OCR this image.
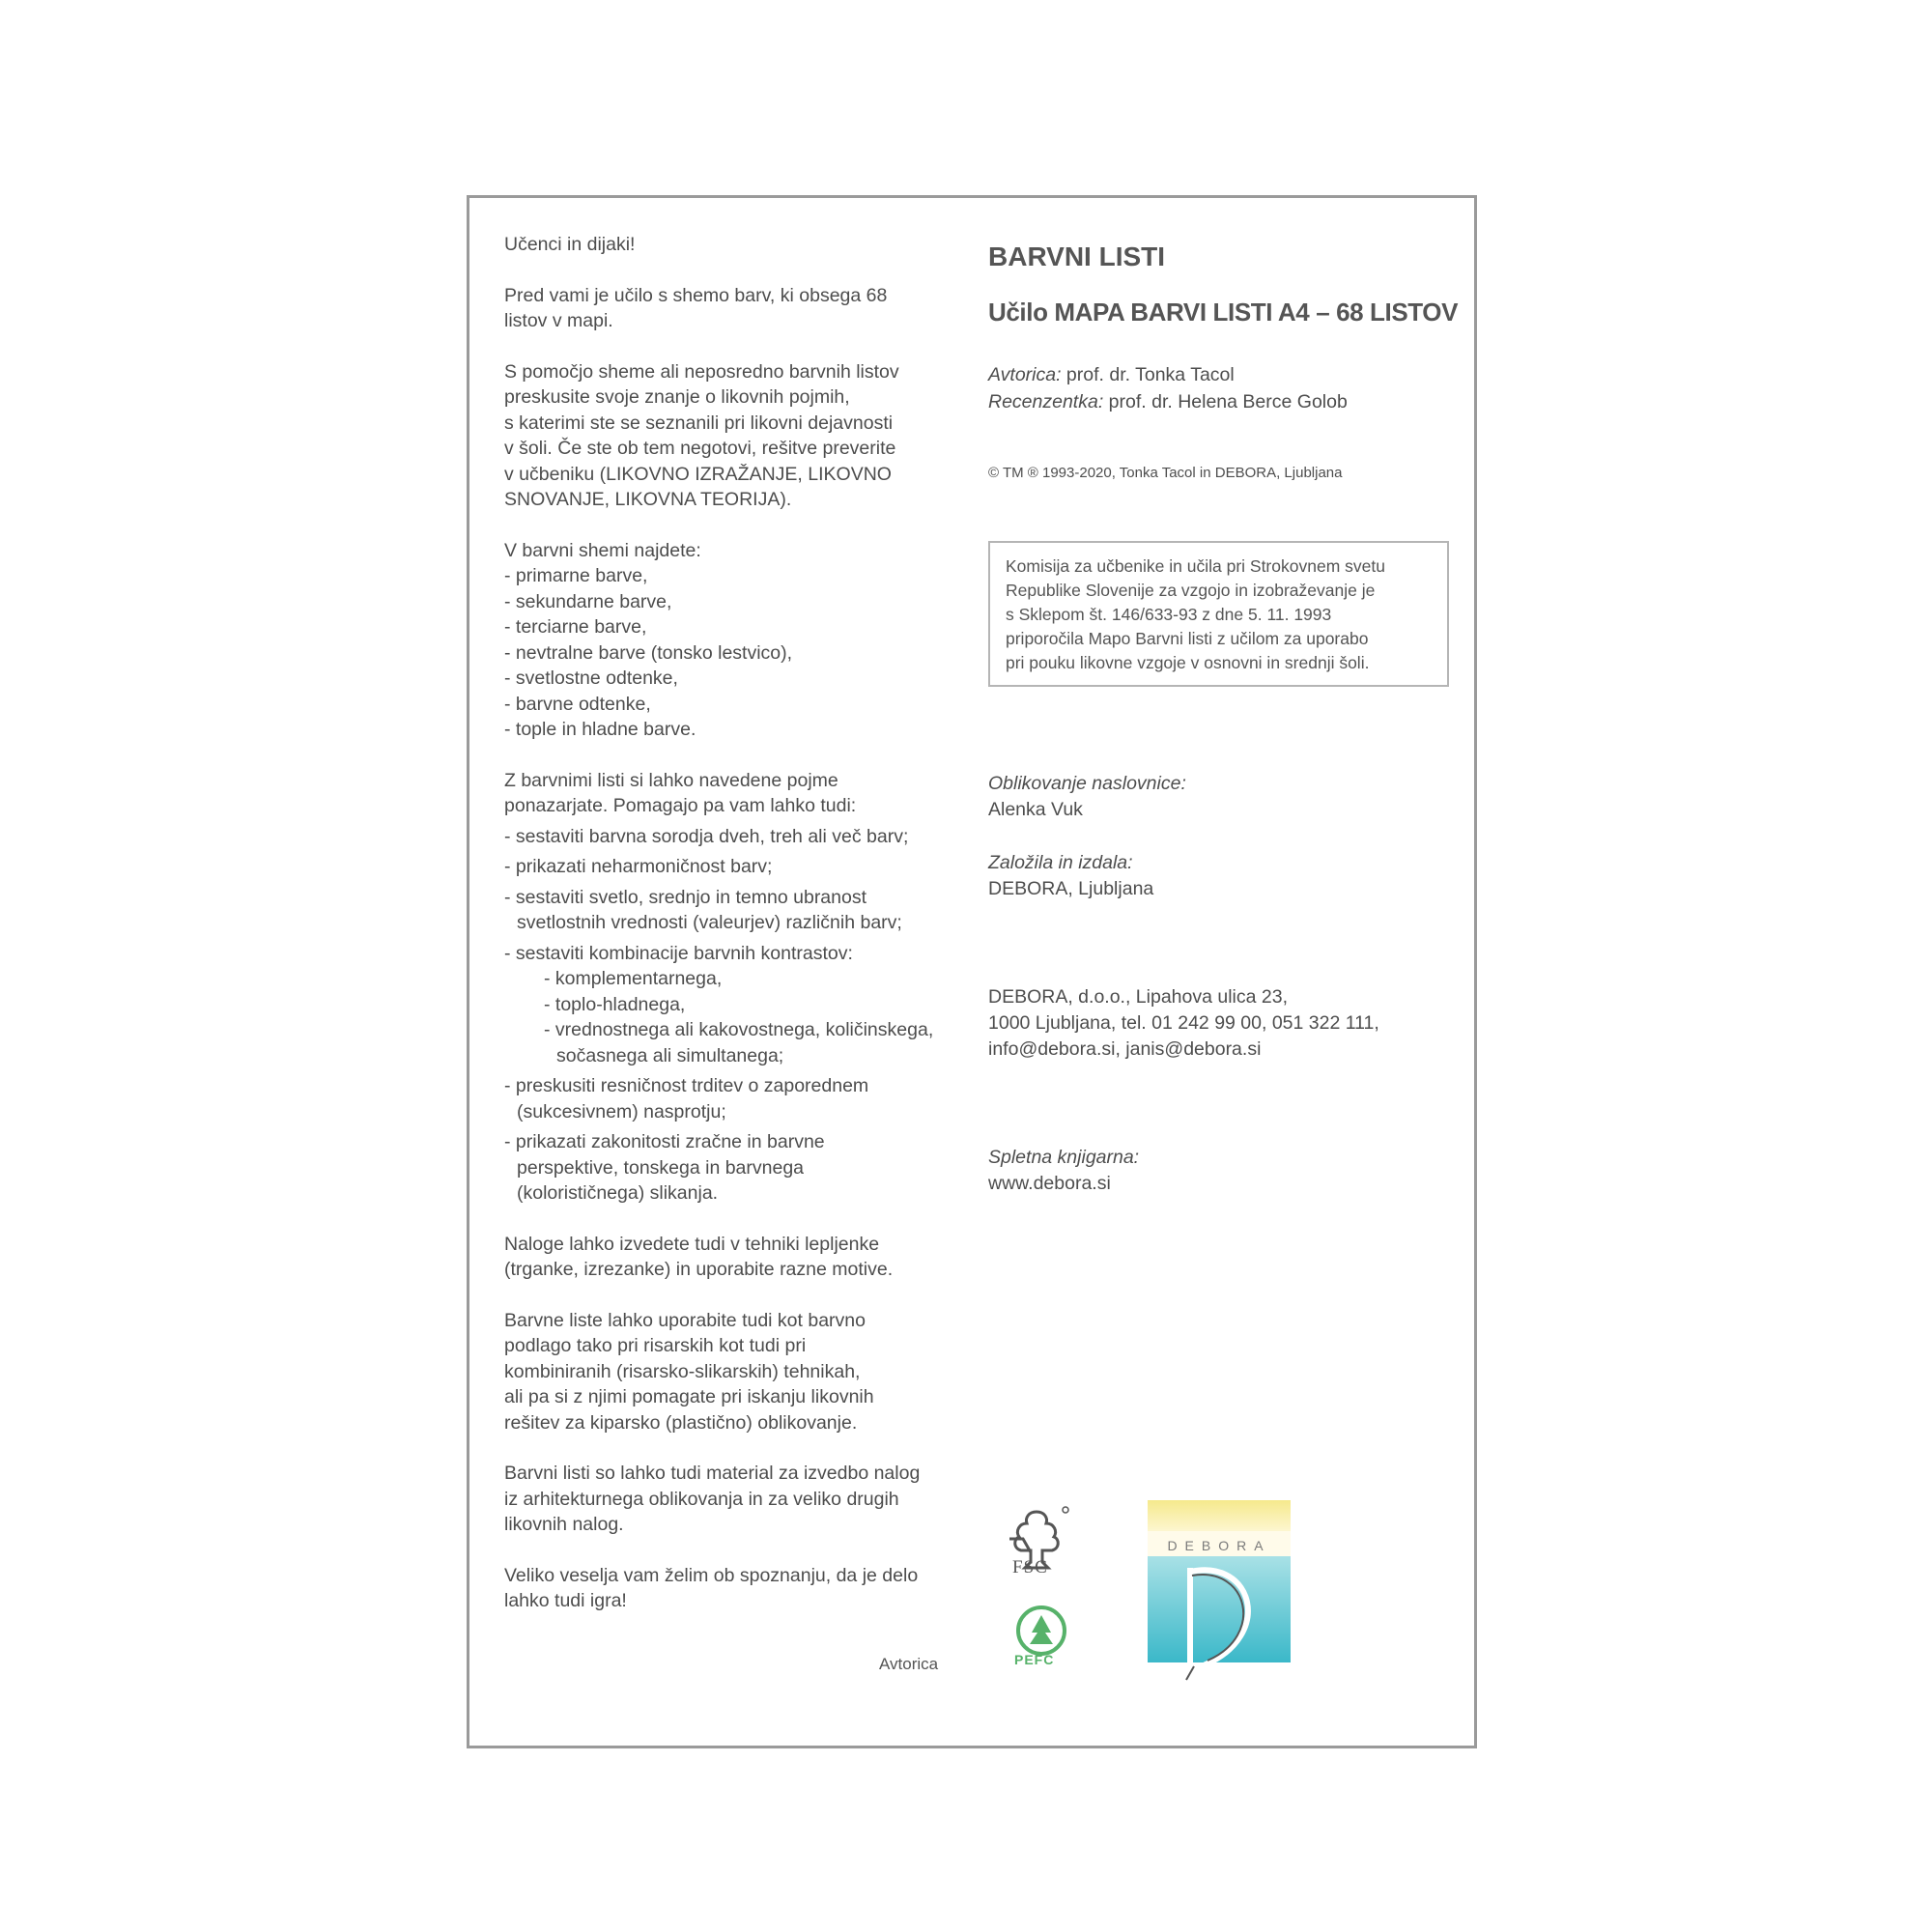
Učenci in dijaki!

Pred vami je učilo s shemo barv, ki obsega 68
listov v mapi.

S pomočjo sheme ali neposredno barvnih listov
preskusite svoje znanje o likovnih pojmih,
s katerimi ste se seznanili pri likovni dejavnosti
v šoli. Če ste ob tem negotovi, rešitve preverite
v učbeniku (LIKOVNO IZRAŽANJE, LIKOVNO
SNOVANJE, LIKOVNA TEORIJA).

V barvni shemi najdete:
- primarne barve,
- sekundarne barve,
- terciarne barve,
- nevtralne barve (tonsko lestvico),
- svetlostne odtenke,
- barvne odtenke,
- tople in hladne barve.
Z barvnimi listi si lahko navedene pojme
ponazarjate. Pomagajo pa vam lahko tudi:
- sestaviti barvna sorodja dveh, treh ali več barv;
- prikazati neharmoničnost barv;
- sestaviti svetlo, srednjo in temno ubranost
svetlostnih vrednosti (valeurjev) različnih barv;
- sestaviti kombinacije barvnih kontrastov:
- komplementarnega,
- toplo-hladnega,
- vrednostnega ali kakovostnega, količinskega,
sočasnega ali simultanega;
- preskusiti resničnost trditev o zaporednem
(sukcesivnem) nasprotju;
- prikazati zakonitosti zračne in barvne
perspektive, tonskega in barvnega
(kolorističnega) slikanja.

Naloge lahko izvedete tudi v tehniki lepljenke
(trganke, izrezanke) in uporabite razne motive.

Barvne liste lahko uporabite tudi kot barvno
podlago tako pri risarskih kot tudi pri
kombiniranih (risarsko-slikarskih) tehnikah,
ali pa si z njimi pomagate pri iskanju likovnih
rešitev za kiparsko (plastično) oblikovanje.

Barvni listi so lahko tudi material za izvedbo nalog
iz arhitekturnega oblikovanja in za veliko drugih
likovnih nalog.

Veliko veselja vam želim ob spoznanju, da je delo
lahko tudi igra!

Avtorica
BARVNI LISTI
Učilo MAPA BARVI LISTI A4 – 68 LISTOV
Avtorica: prof. dr. Tonka Tacol
Recenzentka: prof. dr. Helena Berce Golob
© TM ® 1993-2020, Tonka Tacol in DEBORA, Ljubljana
Komisija za učbenike in učila pri Strokovnem svetu
Republike Slovenije za vzgojo in izobraževanje je
s Sklepom št. 146/633-93 z dne 5. 11. 1993
priporočila Mapo Barvni listi z učilom za uporabo
pri pouku likovne vzgoje v osnovni in srednji šoli.
Oblikovanje naslovnice:
Alenka Vuk
Založila in izdala:
DEBORA, Ljubljana
DEBORA, d.o.o., Lipahova ulica 23,
1000 Ljubljana, tel. 01 242 99 00, 051 322 111,
info@debora.si, janis@debora.si
Spletna knjigarna:
www.debora.si
FSC
PEFC
DEBORA
